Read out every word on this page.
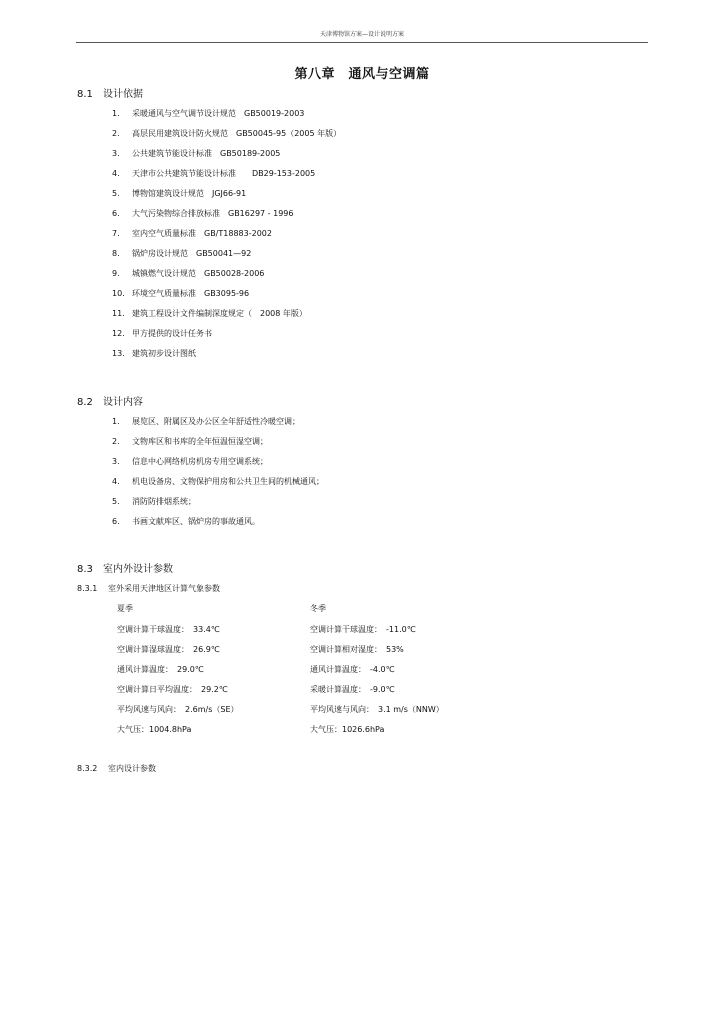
天津博物馆方案—设计说明方案
第八章　通风与空调篇
8.1 设计依据
1. 采暖通风与空气调节设计规范　GB50019-2003
2. 高层民用建筑设计防火规范　GB50045-95（2005 年版）
3. 公共建筑节能设计标准　GB50189-2005
4. 天津市公共建筑节能设计标准　　DB29-153-2005
5. 博物馆建筑设计规范　JGJ66-91
6. 大气污染物综合排放标准　GB16297 - 1996
7. 室内空气质量标准　GB/T18883-2002
8. 锅炉房设计规范　GB50041—92
9. 城镇燃气设计规范　GB50028-2006
10. 环境空气质量标准　GB3095-96
11. 建筑工程设计文件编制深度规定（　2008 年版）
12. 甲方提供的设计任务书
13. 建筑初步设计图纸
8.2 设计内容
1. 展览区、附属区及办公区全年舒适性冷暖空调；
2. 文物库区和书库的全年恒温恒湿空调；
3. 信息中心网络机房机房专用空调系统；
4. 机电设备房、文物保护用房和公共卫生间的机械通风；
5. 消防防排烟系统；
6. 书画文献库区、锅炉房的事故通风。
8.3 室内外设计参数
8.3.1 室外采用天津地区计算气象参数
夏季
空调计算干球温度：　33.4℃
空调计算湿球温度：　26.9℃
通风计算温度：　29.0℃
空调计算日平均温度：　29.2℃
平均风速与风向：　2.6m/s（SE）
大气压：1004.8hPa
冬季
空调计算干球温度：　-11.0℃
空调计算相对湿度：　53%
通风计算温度：　-4.0℃
采暖计算温度：　-9.0℃
平均风速与风向：　3.1 m/s（NNW）
大气压：1026.6hPa
8.3.2 室内设计参数
